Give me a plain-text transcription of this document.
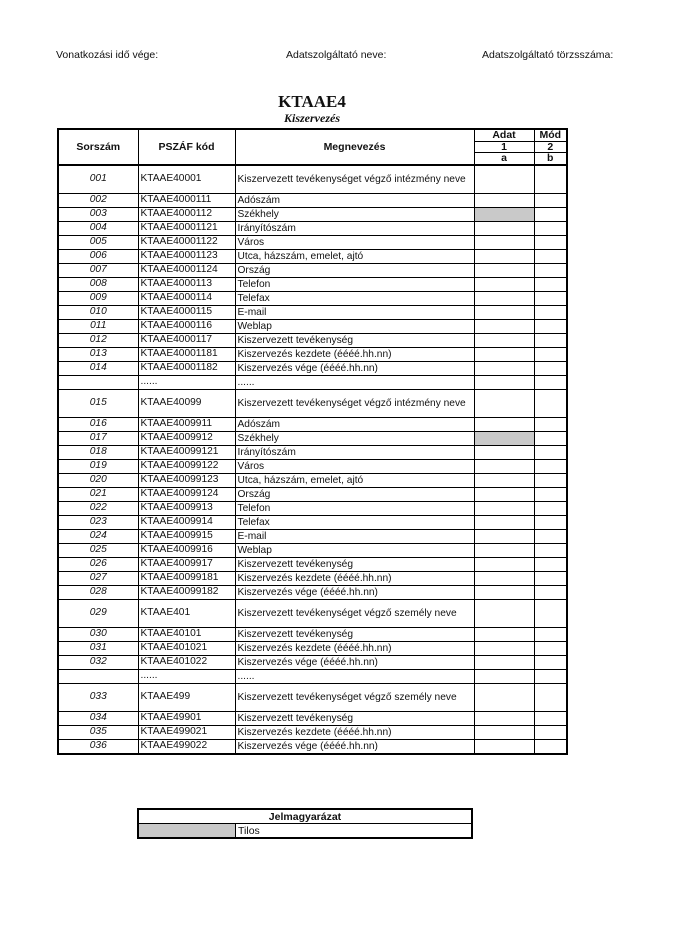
Vonatkozási idő vége:	Adatszolgáltató neve:	Adatszolgáltató törzsszáma:
KTAAE4
Kiszervezés
Sorszám	PSZÁF kód	Megnevezés	Adat	Mód
			1	2
			a	b
001	KTAAE40001	Kiszervezett tevékenységet végző intézmény neve		
002	KTAAE4000111	Adószám		
003	KTAAE4000112	Székhely		
004	KTAAE40001121	Irányítószám		
005	KTAAE40001122	Város		
006	KTAAE40001123	Utca, házszám, emelet, ajtó		
007	KTAAE40001124	Ország		
008	KTAAE4000113	Telefon		
009	KTAAE4000114	Telefax		
010	KTAAE4000115	E-mail		
011	KTAAE4000116	Weblap		
012	KTAAE4000117	Kiszervezett tevékenység		
013	KTAAE40001181	Kiszervezés kezdete (éééé.hh.nn)		
014	KTAAE40001182	Kiszervezés vége (éééé.hh.nn)		
	......	......		
015	KTAAE40099	Kiszervezett tevékenységet végző intézmény neve		
016	KTAAE4009911	Adószám		
017	KTAAE4009912	Székhely		
018	KTAAE40099121	Irányítószám		
019	KTAAE40099122	Város		
020	KTAAE40099123	Utca, házszám, emelet, ajtó		
021	KTAAE40099124	Ország		
022	KTAAE4009913	Telefon		
023	KTAAE4009914	Telefax		
024	KTAAE4009915	E-mail		
025	KTAAE4009916	Weblap		
026	KTAAE4009917	Kiszervezett tevékenység		
027	KTAAE40099181	Kiszervezés kezdete (éééé.hh.nn)		
028	KTAAE40099182	Kiszervezés vége (éééé.hh.nn)		
029	KTAAE401	Kiszervezett tevékenységet végző személy neve		
030	KTAAE40101	Kiszervezett tevékenység		
031	KTAAE401021	Kiszervezés kezdete (éééé.hh.nn)		
032	KTAAE401022	Kiszervezés vége (éééé.hh.nn)		
	......	......		
033	KTAAE499	Kiszervezett tevékenységet végző személy neve		
034	KTAAE49901	Kiszervezett tevékenység		
035	KTAAE499021	Kiszervezés kezdete (éééé.hh.nn)		
036	KTAAE499022	Kiszervezés vége (éééé.hh.nn)		
Jelmagyarázat
	Tilos
